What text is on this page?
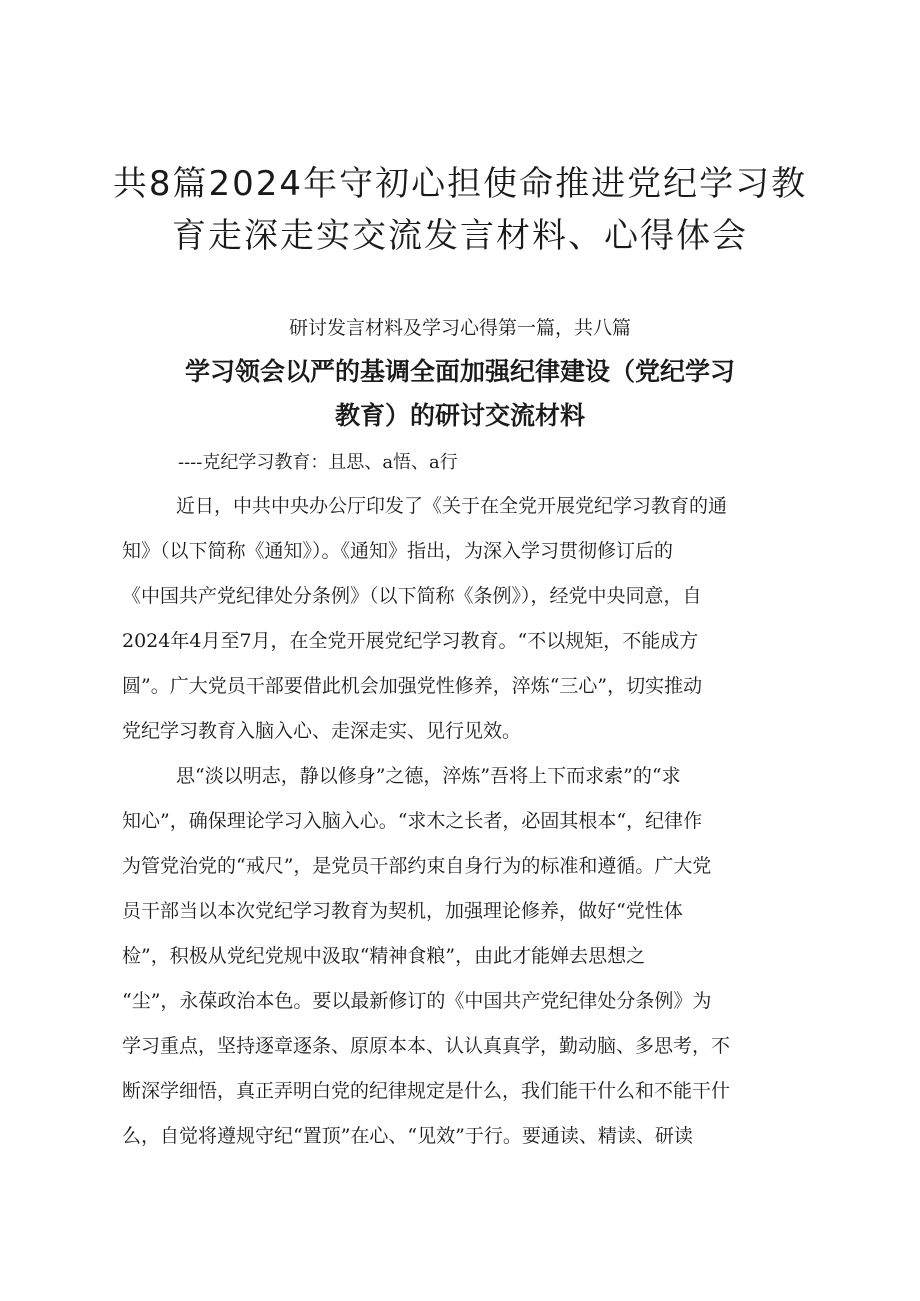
共8篇2024年守初心担使命推进党纪学习教
育走深走实交流发言材料、心得体会

研讨发言材料及学习心得第一篇，共八篇

学习领会以严的基调全面加强纪律建设（党纪学习
教育）的研讨交流材料

----克纪学习教育：且思、a悟、a行

近日，中共中央办公厅印发了《关于在全党开展党纪学习教育的通

知》（以下简称《通知》）。《通知》指出，为深入学习贯彻修订后的

《中国共产党纪律处分条例》（以下简称《条例》），经党中央同意，自

2024年4月至7月，在全党开展党纪学习教育。“不以规矩，不能成方

圆”。广大党员干部要借此机会加强党性修养，淬炼“三心”，切实推动

党纪学习教育入脑入心、走深走实、见行见效。

思“淡以明志，静以修身”之德，淬炼”吾将上下而求索”的“求

知心”，确保理论学习入脑入心。“求木之长者，必固其根本“，纪律作

为管党治党的“戒尺”，是党员干部约束自身行为的标准和遵循。广大党

员干部当以本次党纪学习教育为契机，加强理论修养，做好“党性体

检”，积极从党纪党规中汲取“精神食粮”，由此才能婵去思想之

“尘”，永葆政治本色。要以最新修订的《中国共产党纪律处分条例》为

学习重点，坚持逐章逐条、原原本本、认认真真学，勤动脑、多思考，不

断深学细悟，真正弄明白党的纪律规定是什么，我们能干什么和不能干什

么，自觉将遵规守纪“置顶”在心、“见效”于行。要通读、精读、研读
